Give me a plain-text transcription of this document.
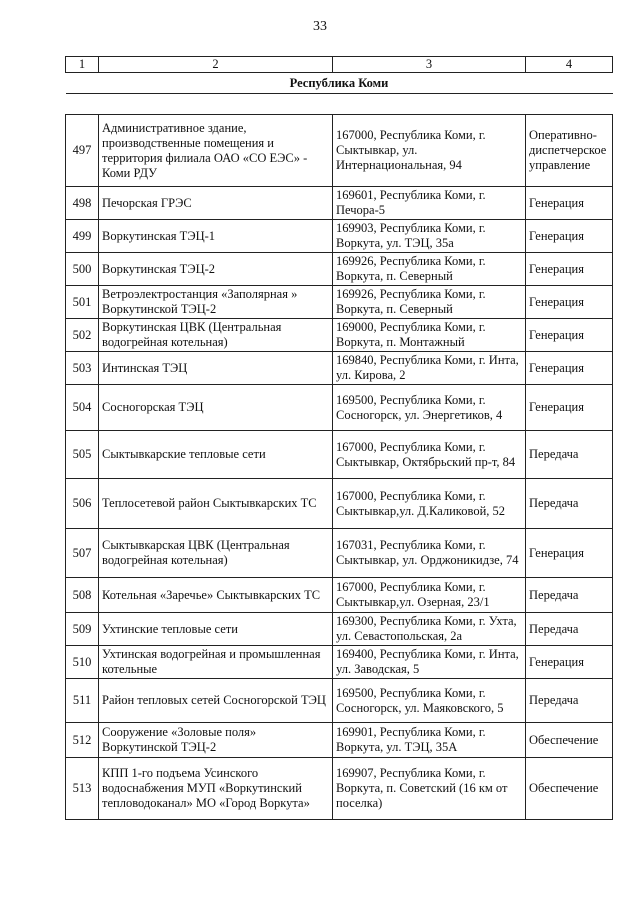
33
1	2	3	4
Республика Коми			

497	Административное здание, производственные помещения и территория филиала ОАО «СО ЕЭС» - Коми РДУ	167000, Республика Коми, г. Сыктывкар, ул. Интернациональная, 94	Оперативно-диспетчерское управление
498	Печорская ГРЭС	169601, Республика Коми, г. Печора-5	Генерация
499	Воркутинская ТЭЦ-1	169903, Республика Коми, г. Воркута, ул. ТЭЦ, 35а	Генерация
500	Воркутинская ТЭЦ-2	169926, Республика Коми, г. Воркута, п. Северный	Генерация
501	Ветроэлектростанция «Заполярная » Воркутинской ТЭЦ-2	169926, Республика Коми, г. Воркута, п. Северный	Генерация
502	Воркутинская ЦВК (Центральная водогрейная котельная)	169000, Республика Коми, г. Воркута, п. Монтажный	Генерация
503	Интинская ТЭЦ	169840, Республика Коми, г. Инта, ул. Кирова, 2	Генерация
504	Сосногорская ТЭЦ	169500, Республика Коми, г. Сосногорск, ул. Энергетиков, 4	Генерация
505	Сыктывкарские тепловые сети	167000, Республика Коми, г. Сыктывкар, Октябрьский пр-т, 84	Передача
506	Теплосетевой район Сыктывкарских ТС	167000, Республика Коми, г. Сыктывкар,ул. Д.Каликовой, 52	Передача
507	Сыктывкарская ЦВК (Центральная водогрейная котельная)	167031, Республика Коми, г. Сыктывкар, ул. Орджоникидзе, 74	Генерация
508	Котельная «Заречье» Сыктывкарских ТС	167000, Республика Коми, г. Сыктывкар,ул. Озерная, 23/1	Передача
509	Ухтинские тепловые сети	169300, Республика Коми, г. Ухта, ул. Севастопольская, 2а	Передача
510	Ухтинская водогрейная и промышленная котельные	169400, Республика Коми, г. Инта, ул. Заводская, 5	Генерация
511	Район тепловых сетей Сосногорской ТЭЦ	169500, Республика Коми, г. Сосногорск, ул. Маяковского, 5	Передача
512	Сооружение «Золовые поля» Воркутинской ТЭЦ-2	169901, Республика Коми, г. Воркута, ул. ТЭЦ, 35А	Обеспечение
513	КПП 1-го подъема Усинского водоснабжения МУП «Воркутинский тепловодоканал» МО «Город Воркута»	169907, Республика Коми, г. Воркута, п. Советский (16 км от поселка)	Обеспечение
